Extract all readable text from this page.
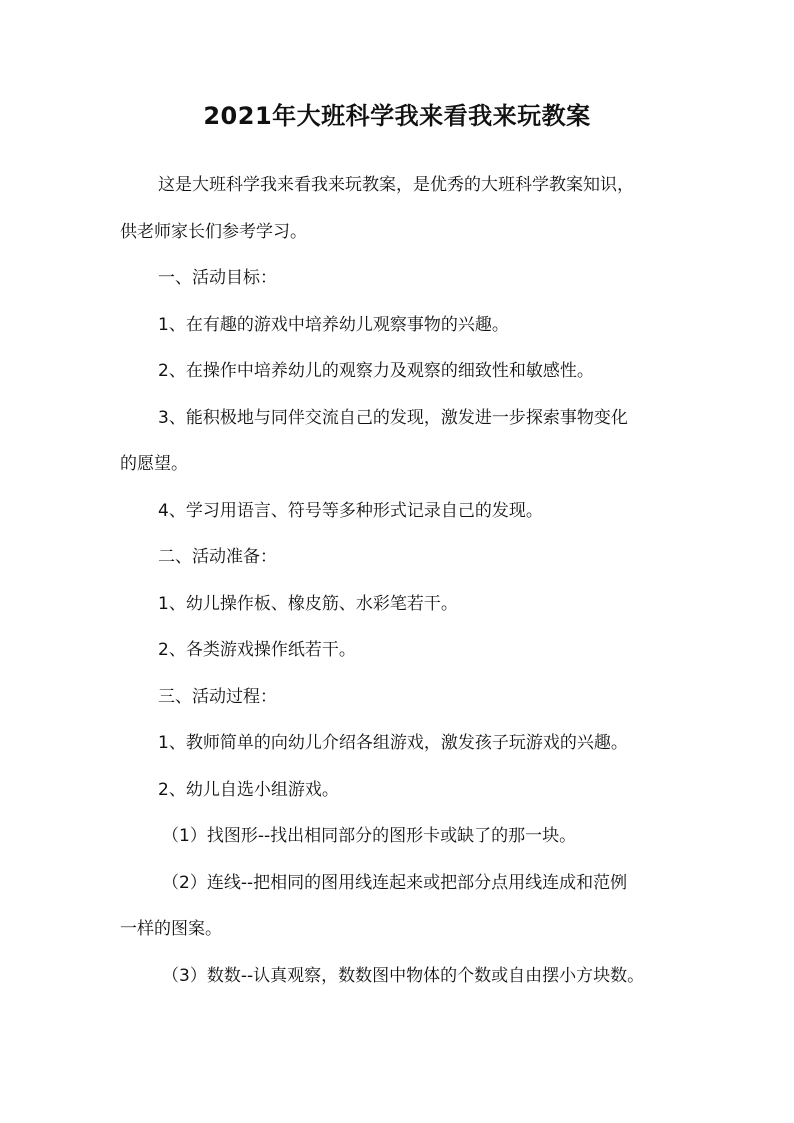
2021年大班科学我来看我来玩教案

这是大班科学我来看我来玩教案，是优秀的大班科学教案知识，

供老师家长们参考学习。

一、活动目标：

1、在有趣的游戏中培养幼儿观察事物的兴趣。

2、在操作中培养幼儿的观察力及观察的细致性和敏感性。

3、能积极地与同伴交流自己的发现，激发进一步探索事物变化

的愿望。

4、学习用语言、符号等多种形式记录自己的发现。

二、活动准备：

1、幼儿操作板、橡皮筋、水彩笔若干。

2、各类游戏操作纸若干。

三、活动过程：

1、教师简单的向幼儿介绍各组游戏，激发孩子玩游戏的兴趣。

2、幼儿自选小组游戏。

（1）找图形--找出相同部分的图形卡或缺了的那一块。

（2）连线--把相同的图用线连起来或把部分点用线连成和范例

一样的图案。

（3）数数--认真观察，数数图中物体的个数或自由摆小方块数。
